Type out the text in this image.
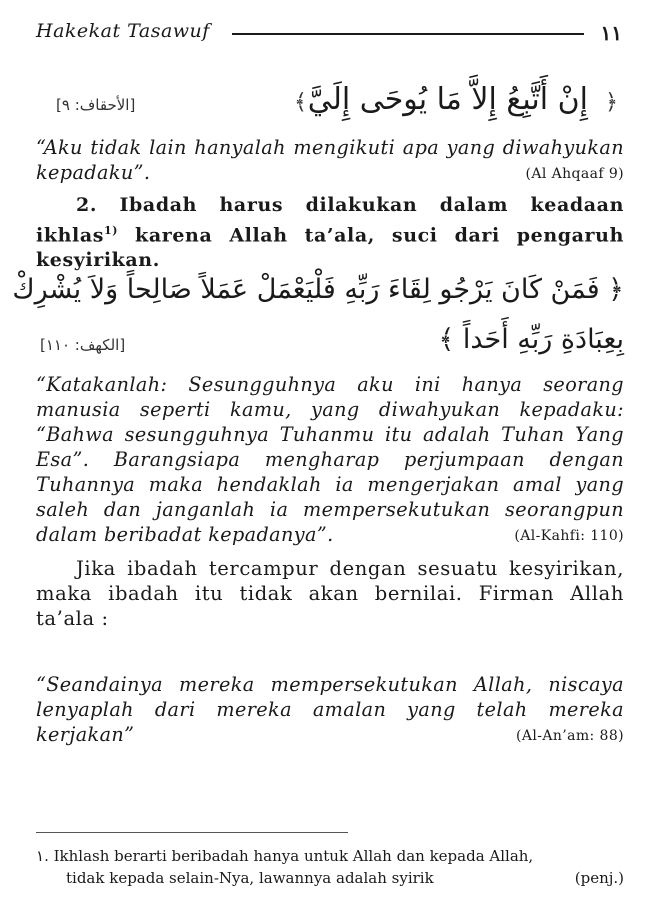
Hakekat Tasawuf	١١
﴿
إِنْ أَتَّبِعُ إِلاَّ مَا يُوحَى إِلَيَّ
﴾
[الأحقاف: ٩]
“Aku tidak lain hanyalah mengikuti apa yang diwahyukan kepadaku”.	(Al Ahqaaf 9)
2. Ibadah harus dilakukan dalam keadaan ikhlas$^{1)}$ karena Allah ta’ala, suci dari pengaruh kesyirikan.
﴿ فَمَنْ كَانَ يَرْجُو لِقَاءَ رَبِّهِ فَلْيَعْمَلْ عَمَلاً صَالِحاً وَلاَ يُشْرِكْ
بِعِبَادَةِ رَبِّهِ أَحَداً ﴾
[الكهف: ١١٠]
“Katakanlah: Sesungguhnya aku ini hanya seorang manusia seperti kamu, yang diwahyukan kepadaku: “Bahwa sesungguhnya Tuhanmu itu adalah Tuhan Yang Esa”. Barangsiapa mengharap perjumpaan dengan Tuhannya maka hendaklah ia mengerjakan amal yang saleh dan janganlah ia mempersekutukan seorangpun dalam beribadat kepadanya”.	(Al-Kahfi: 110)
Jika ibadah tercampur dengan sesuatu kesyirikan, maka ibadah itu tidak akan bernilai. Firman Allah ta’ala :
“Seandainya mereka mempersekutukan Allah, niscaya lenyaplah dari mereka amalan yang telah mereka kerjakan”	(Al-An’am: 88)
١. Ikhlash berarti beribadah hanya untuk Allah dan kepada Allah,
tidak kepada selain-Nya, lawannya adalah syirik	(penj.)
